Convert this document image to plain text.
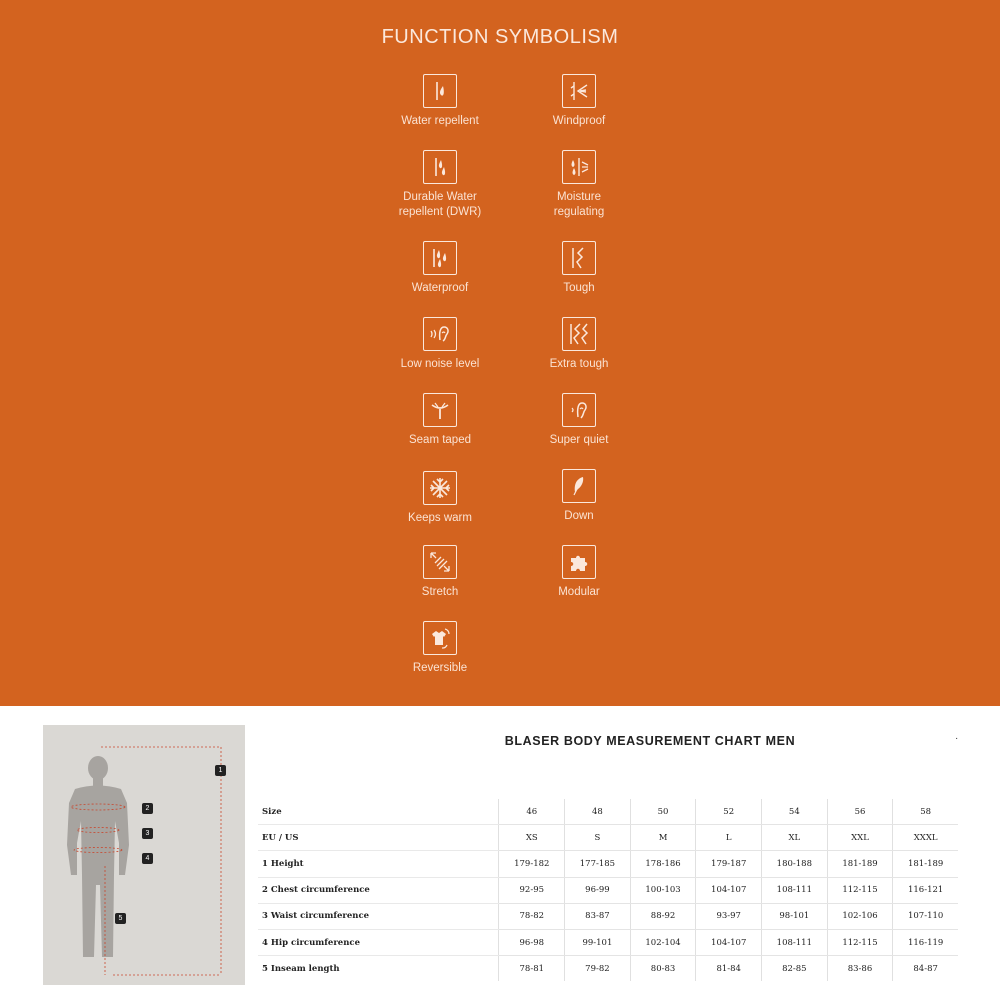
FUNCTION SYMBOLISM
Water repellent
Durable Water
repellent (DWR)
Waterproof
Low noise level
Seam taped
Keeps warm
Stretch
Reversible
Windproof
Moisture
regulating
Tough
Extra tough
Super quiet
Down
Modular
1
2
3
4
5
BLASER BODY MEASUREMENT CHART MEN	·
Size	46	48	50	52	54	56	58
EU / US	XS	S	M	L	XL	XXL	XXXL
1 Height	179-182	177-185	178-186	179-187	180-188	181-189	181-189
2 Chest circumference	92-95	96-99	100-103	104-107	108-111	112-115	116-121
3 Waist circumference	78-82	83-87	88-92	93-97	98-101	102-106	107-110
4 Hip circumference	96-98	99-101	102-104	104-107	108-111	112-115	116-119
5 Inseam length	78-81	79-82	80-83	81-84	82-85	83-86	84-87
